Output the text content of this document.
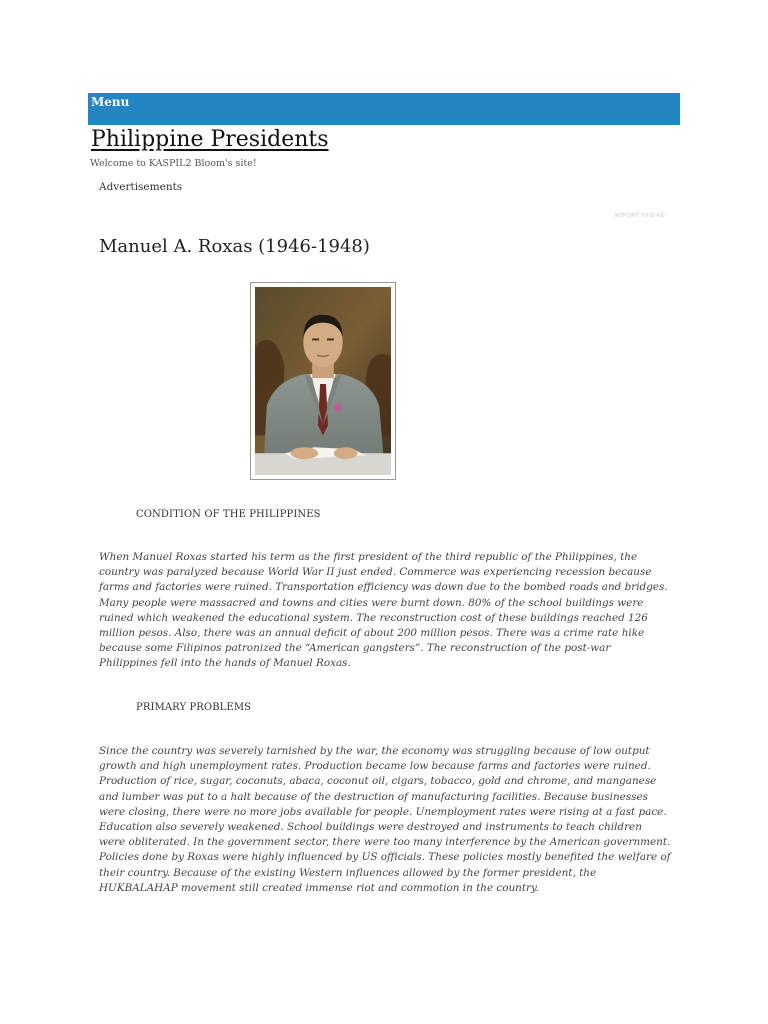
Menu
Philippine Presidents
Welcome to KASPIL2 Bloom's site!
Advertisements
REPORT THIS AD
Manuel A. Roxas (1946-1948)
CONDITION OF THE PHILIPPINES

When Manuel Roxas started his term as the first president of the third republic of the Philippines, the country was paralyzed because World War II just ended. Commerce was experiencing recession because farms and factories were ruined. Transportation efficiency was down due to the bombed roads and bridges. Many people were massacred and towns and cities were burnt down. 80% of the school buildings were ruined which weakened the educational system. The reconstruction cost of these buildings reached 126 million pesos. Also, there was an annual deficit of about 200 million pesos. There was a crime rate hike because some Filipinos patronized the “American gangsters”. The reconstruction of the post-war Philippines fell into the hands of Manuel Roxas.

PRIMARY PROBLEMS

Since the country was severely tarnished by the war, the economy was struggling because of low output growth and high unemployment rates. Production became low because farms and factories were ruined. Production of rice, sugar, coconuts, abaca, coconut oil, cigars, tobacco, gold and chrome, and manganese and lumber was put to a halt because of the destruction of manufacturing facilities. Because businesses were closing, there were no more jobs available for people. Unemployment rates were rising at a fast pace. Education also severely weakened. School buildings were destroyed and instruments to teach children were obliterated. In the government sector, there were too many interference by the American government. Policies done by Roxas were highly influenced by US officials. These policies mostly benefited the welfare of their country. Because of the existing Western influences allowed by the former president, the HUKBALAHAP movement still created immense riot and commotion in the country.
